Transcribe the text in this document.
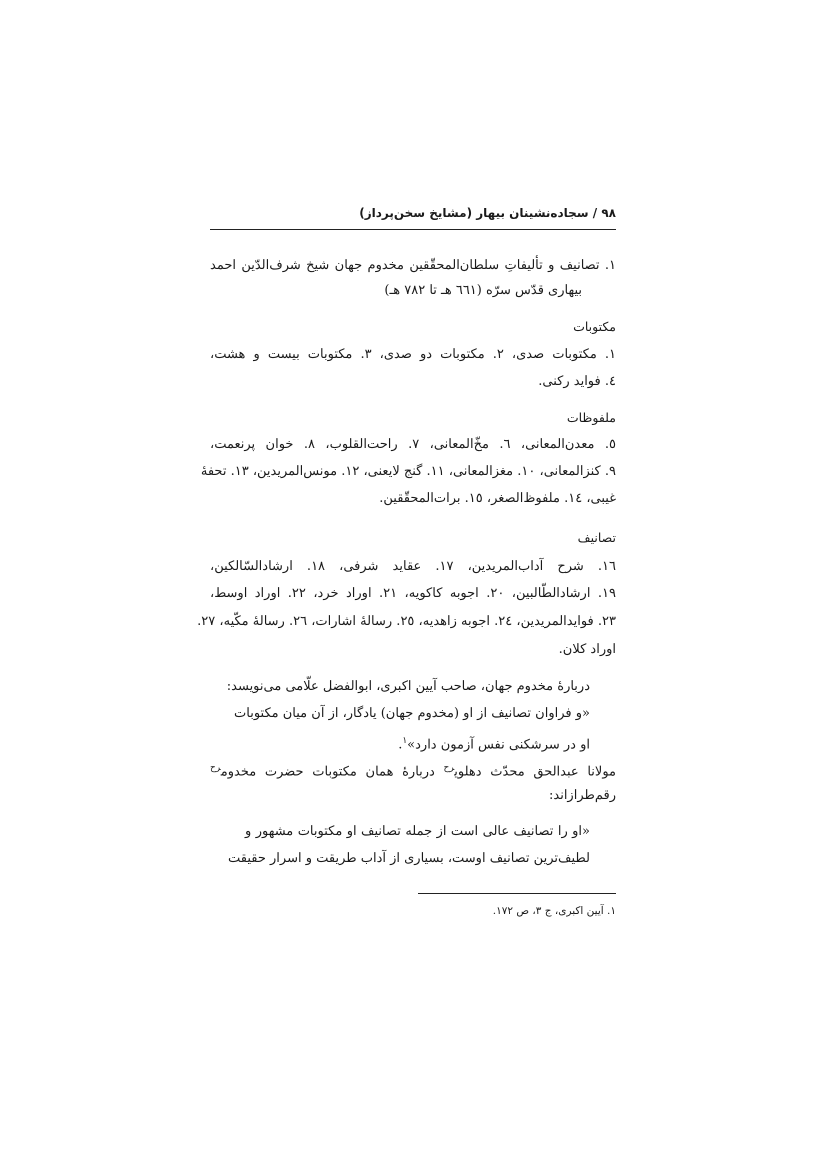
۹۸ / سجاده‌نشینان بیهار (مشایخ سخن‌پرداز)
۱. تصانیف و تألیفاتِ سلطان‌المحقّقین مخدوم جهان شیخ شرف‌الدّین احمد
بیهاری قدّس سرّه (٦٦١ هـ تا ۷۸۲ هـ)
مکتوبات
۱. مکتوبات صدی، ۲. مکتوبات دو صدی، ۳. مکتوبات بیست و هشت،
٤. فواید رکنی.
ملفوظات
٥. معدن‌المعانی، ٦. مخّ‌المعانی، ۷. راحت‌القلوب، ۸. خوان پرنعمت،
۹. کنزالمعانی، ۱۰. مغزالمعانی، ۱۱. گنج لایعنی، ۱۲. مونس‌المریدین، ۱۳. تحفهٔ
غیبی، ۱٤. ملفوظ‌الصغر، ۱٥. برات‌المحقّقین.
تصانیف
۱٦. شرح آداب‌المریدین، ۱۷. عقاید شرفی، ۱۸. ارشادالسّالکین،
۱۹. ارشادالطّالبین، ۲۰. اجوبه کاکویه، ۲۱. اوراد خرد، ۲۲. اوراد اوسط،
۲۳. فوایدالمریدین، ۲٤. اجوبه زاهدیه، ۲٥. رسالهٔ اشارات، ۲٦. رسالهٔ مکّیه، ۲۷.
اوراد کلان.
دربارهٔ مخدوم جهان، صاحب آیین اکبری، ابوالفضل علّامی می‌نویسد:
«و فراوان تصانیف از او (مخدوم جهان) یادگار، از آن میان مکتوبات
او در سرشکنی نفس آزمون دارد»$^۱$.
مولانا عبدالحق محدّث دهلوی$^{رح}$ دربارهٔ همان مکتوبات حضرت مخدوم$^{رح}$
رقم‌طرازاند:
«او را تصانیف عالی است از جمله تصانیف او مکتوبات مشهور و
لطیف‌ترین تصانیف اوست، بسیاری از آداب طریقت و اسرار حقیقت
۱. آیین اکبری، ج ۳، ص ۱۷۲.
